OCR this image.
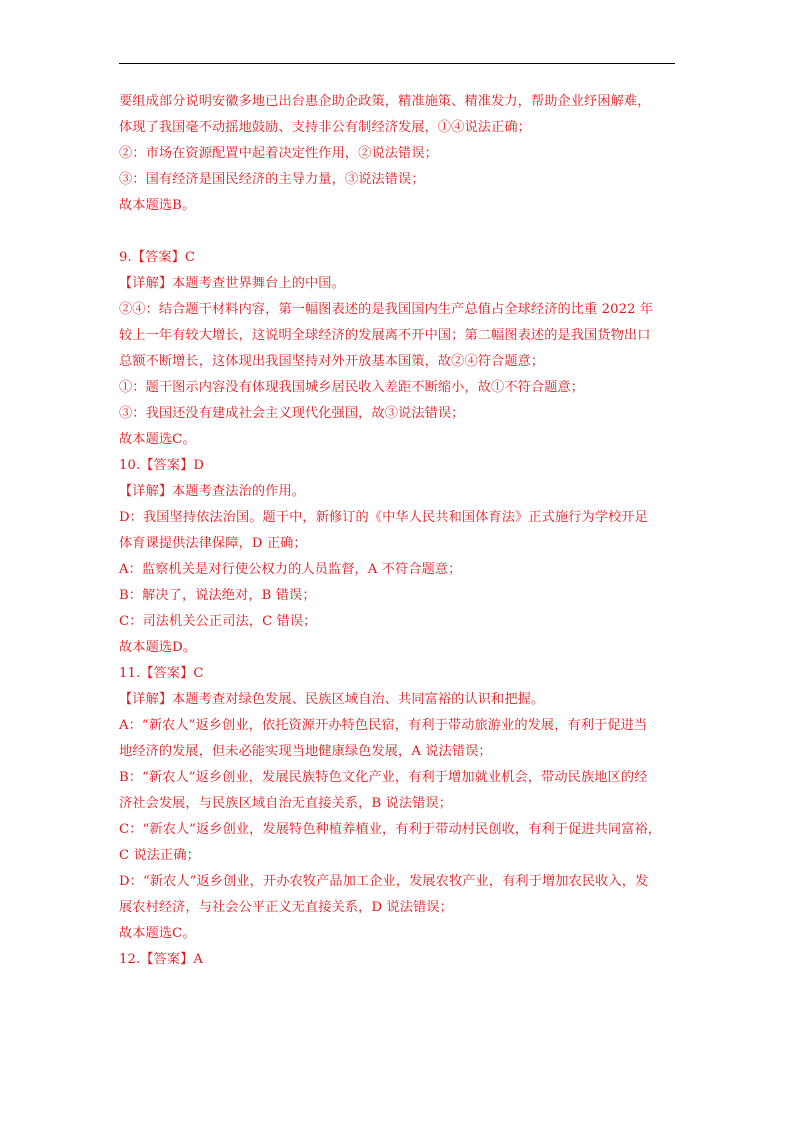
要组成部分说明安徽多地已出台惠企助企政策，精准施策、精准发力，帮助企业纾困解难，
体现了我国毫不动摇地鼓励、支持非公有制经济发展，①④说法正确；
②：市场在资源配置中起着决定性作用，②说法错误；
③：国有经济是国民经济的主导力量，③说法错误；
故本题选B。
9.【答案】C
【详解】本题考查世界舞台上的中国。
②④：结合题干材料内容，第一幅图表述的是我国国内生产总值占全球经济的比重 2022 年
较上一年有较大增长，这说明全球经济的发展离不开中国；第二幅图表述的是我国货物出口
总额不断增长，这体现出我国坚持对外开放基本国策，故②④符合题意；
①：题干图示内容没有体现我国城乡居民收入差距不断缩小，故①不符合题意；
③：我国还没有建成社会主义现代化强国，故③说法错误；
故本题选C。
10.【答案】D
【详解】本题考查法治的作用。
D：我国坚持依法治国。题干中，新修订的《中华人民共和国体育法》正式施行为学校开足
体育课提供法律保障，D 正确；
A：监察机关是对行使公权力的人员监督，A 不符合题意；
B：解决了，说法绝对，B 错误；
C：司法机关公正司法，C 错误；
故本题选D。
11.【答案】C
【详解】本题考查对绿色发展、民族区域自治、共同富裕的认识和把握。
A：“新农人”返乡创业，依托资源开办特色民宿，有利于带动旅游业的发展，有利于促进当
地经济的发展，但未必能实现当地健康绿色发展，A 说法错误；
B：“新农人”返乡创业，发展民族特色文化产业，有利于增加就业机会，带动民族地区的经
济社会发展，与民族区域自治无直接关系，B 说法错误；
C：“新农人”返乡创业，发展特色种植养植业，有利于带动村民创收，有利于促进共同富裕，
C 说法正确；
D：“新农人”返乡创业，开办农牧产品加工企业，发展农牧产业，有利于增加农民收入，发
展农村经济，与社会公平正义无直接关系，D 说法错误；
故本题选C。
12.【答案】A
